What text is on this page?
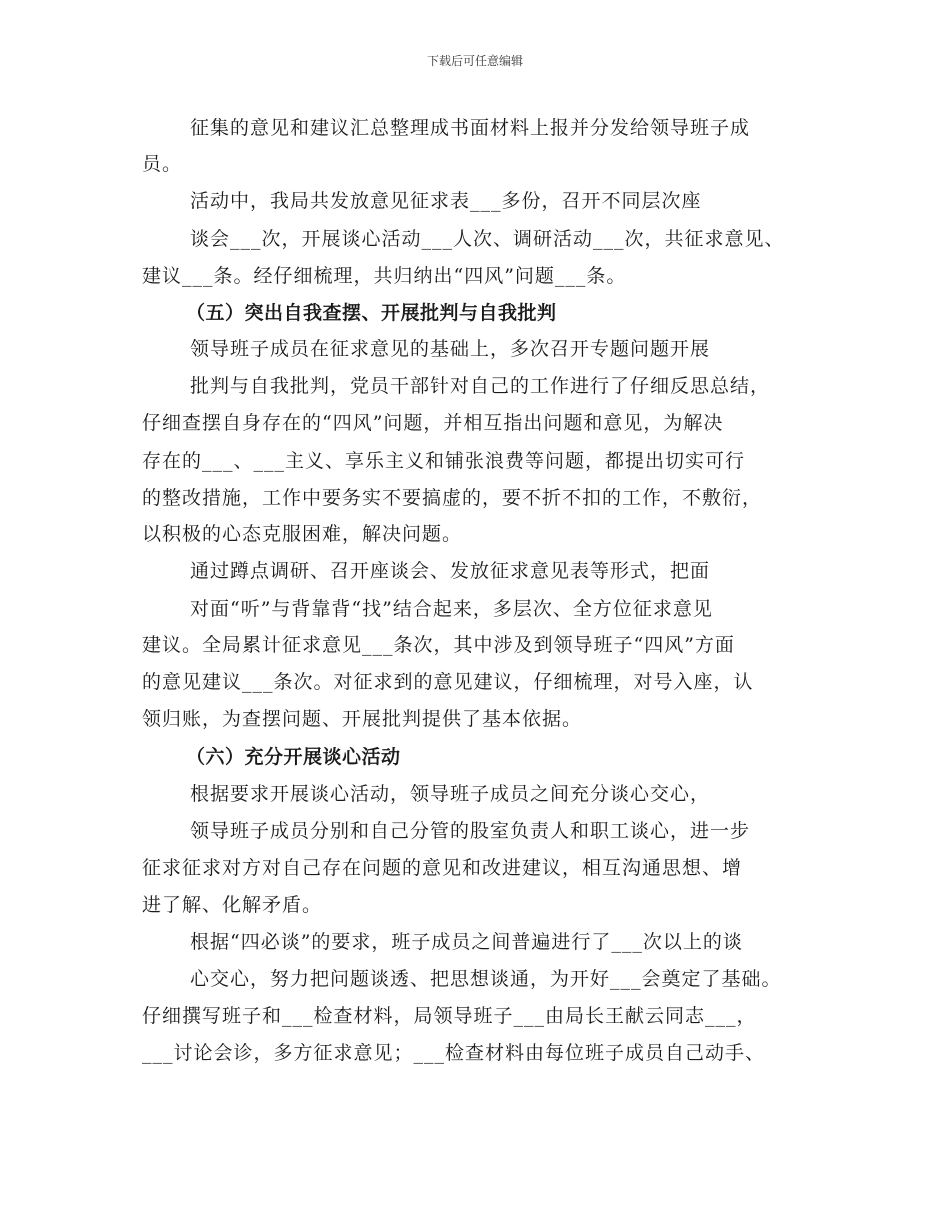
下载后可任意编辑
征集的意见和建议汇总整理成书面材料上报并分发给领导班子成
员。
活动中，我局共发放意见征求表___多份，召开不同层次座
谈会___次，开展谈心活动___人次、调研活动___次，共征求意见、
建议___条。经仔细梳理，共归纳出“四风”问题___条。
（五）突出自我查摆、开展批判与自我批判
领导班子成员在征求意见的基础上，多次召开专题问题开展
批判与自我批判，党员干部针对自己的工作进行了仔细反思总结，
仔细查摆自身存在的“四风”问题，并相互指出问题和意见，为解决
存在的___、___主义、享乐主义和铺张浪费等问题，都提出切实可行
的整改措施，工作中要务实不要搞虚的，要不折不扣的工作，不敷衍，
以积极的心态克服困难，解决问题。
通过蹲点调研、召开座谈会、发放征求意见表等形式，把面
对面“听”与背靠背“找”结合起来，多层次、全方位征求意见
建议。全局累计征求意见___条次，其中涉及到领导班子“四风”方面
的意见建议___条次。对征求到的意见建议，仔细梳理，对号入座，认
领归账，为查摆问题、开展批判提供了基本依据。
（六）充分开展谈心活动
根据要求开展谈心活动，领导班子成员之间充分谈心交心，
领导班子成员分别和自己分管的股室负责人和职工谈心，进一步
征求征求对方对自己存在问题的意见和改进建议，相互沟通思想、增
进了解、化解矛盾。
根据“四必谈”的要求，班子成员之间普遍进行了___次以上的谈
心交心，努力把问题谈透、把思想谈通，为开好___会奠定了基础。
仔细撰写班子和___检查材料，局领导班子___由局长王献云同志___，
___讨论会诊，多方征求意见；___检查材料由每位班子成员自己动手、
